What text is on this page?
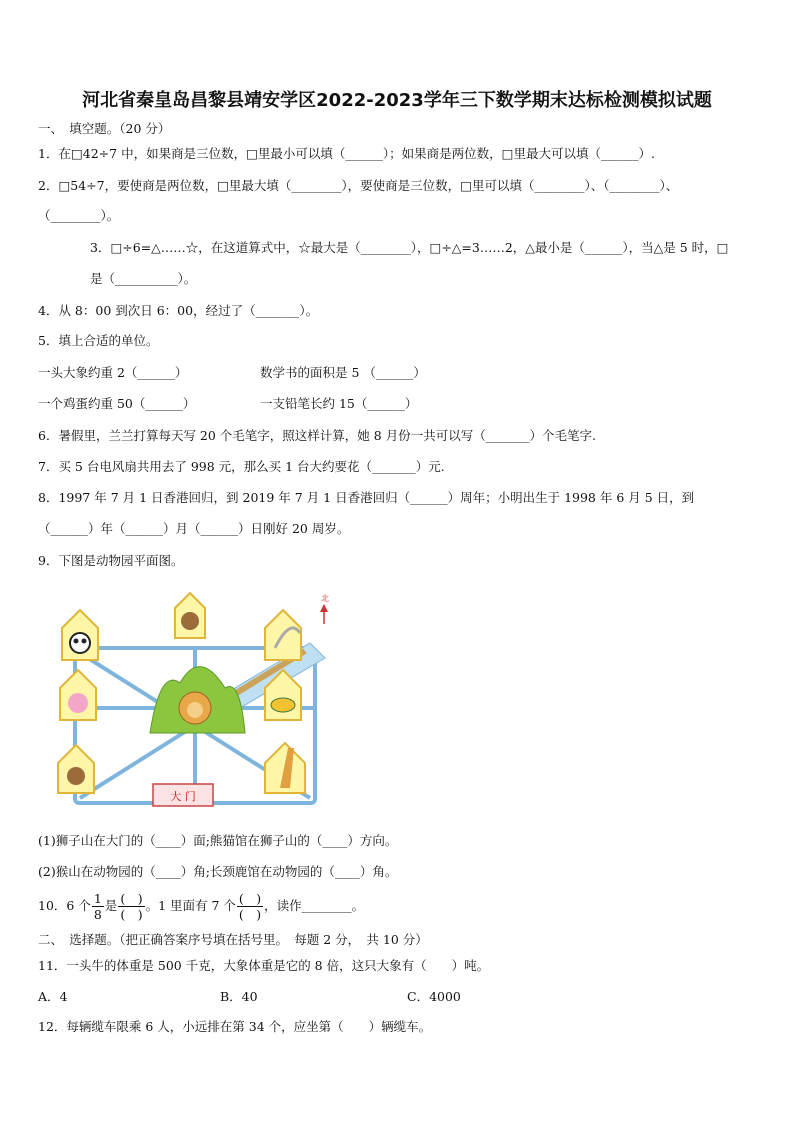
河北省秦皇岛昌黎县靖安学区2022-2023学年三下数学期末达标检测模拟试题
一、　填空题。（20 分）
1．在□42÷7 中，如果商是三位数，□里最小可以填（______）；如果商是两位数，□里最大可以填（______）.
2．□54÷7，要使商是两位数，□里最大填（________），要使商是三位数，□里可以填（________）、（________）、
（________）。
3．□÷6=△……☆，在这道算式中，☆最大是（________），□÷△=3……2，△最小是（______），当△是 5 时，□
是（__________）。
4．从 8：00 到次日 6：00，经过了（_______）。
5．填上合适的单位。
一头大象约重 2（______）	数学书的面积是 5 （______）
一个鸡蛋约重 50（______）	一支铅笔长约 15（______）
6．暑假里，兰兰打算每天写 20 个毛笔字，照这样计算，她 8 月份一共可以写（_______）个毛笔字.
7．买 5 台电风扇共用去了 998 元，那么买 1 台大约要花（_______）元.
8．1997 年 7 月 1 日香港回归，到 2019 年 7 月 1 日香港回归（______）周年；小明出生于 1998 年 6 月 5 日，到
（______）年（______）月（______）日刚好 20 周岁。
9．下图是动物园平面图。
大 门
北
(1)狮子山在大门的（____）面;熊猫馆在狮子山的（____）方向。
(2)猴山在动物园的（____）角;长颈鹿馆在动物园的（____）角。
10．6 个 $\frac{1}{8}$ 是 $\frac{( )}{( )}$ 。1 里面有 7 个 $\frac{( )}{( )}$ ，读作________。
二、　选择题。（把正确答案序号填在括号里。　每题 2 分，　共 10 分）
11．一头牛的体重是 500 千克，大象体重是它的 8 倍，这只大象有（　　）吨。
A．4	B．40	C．4000
12．每辆缆车限乘 6 人，小远排在第 34 个，应坐第（　　）辆缆车。
